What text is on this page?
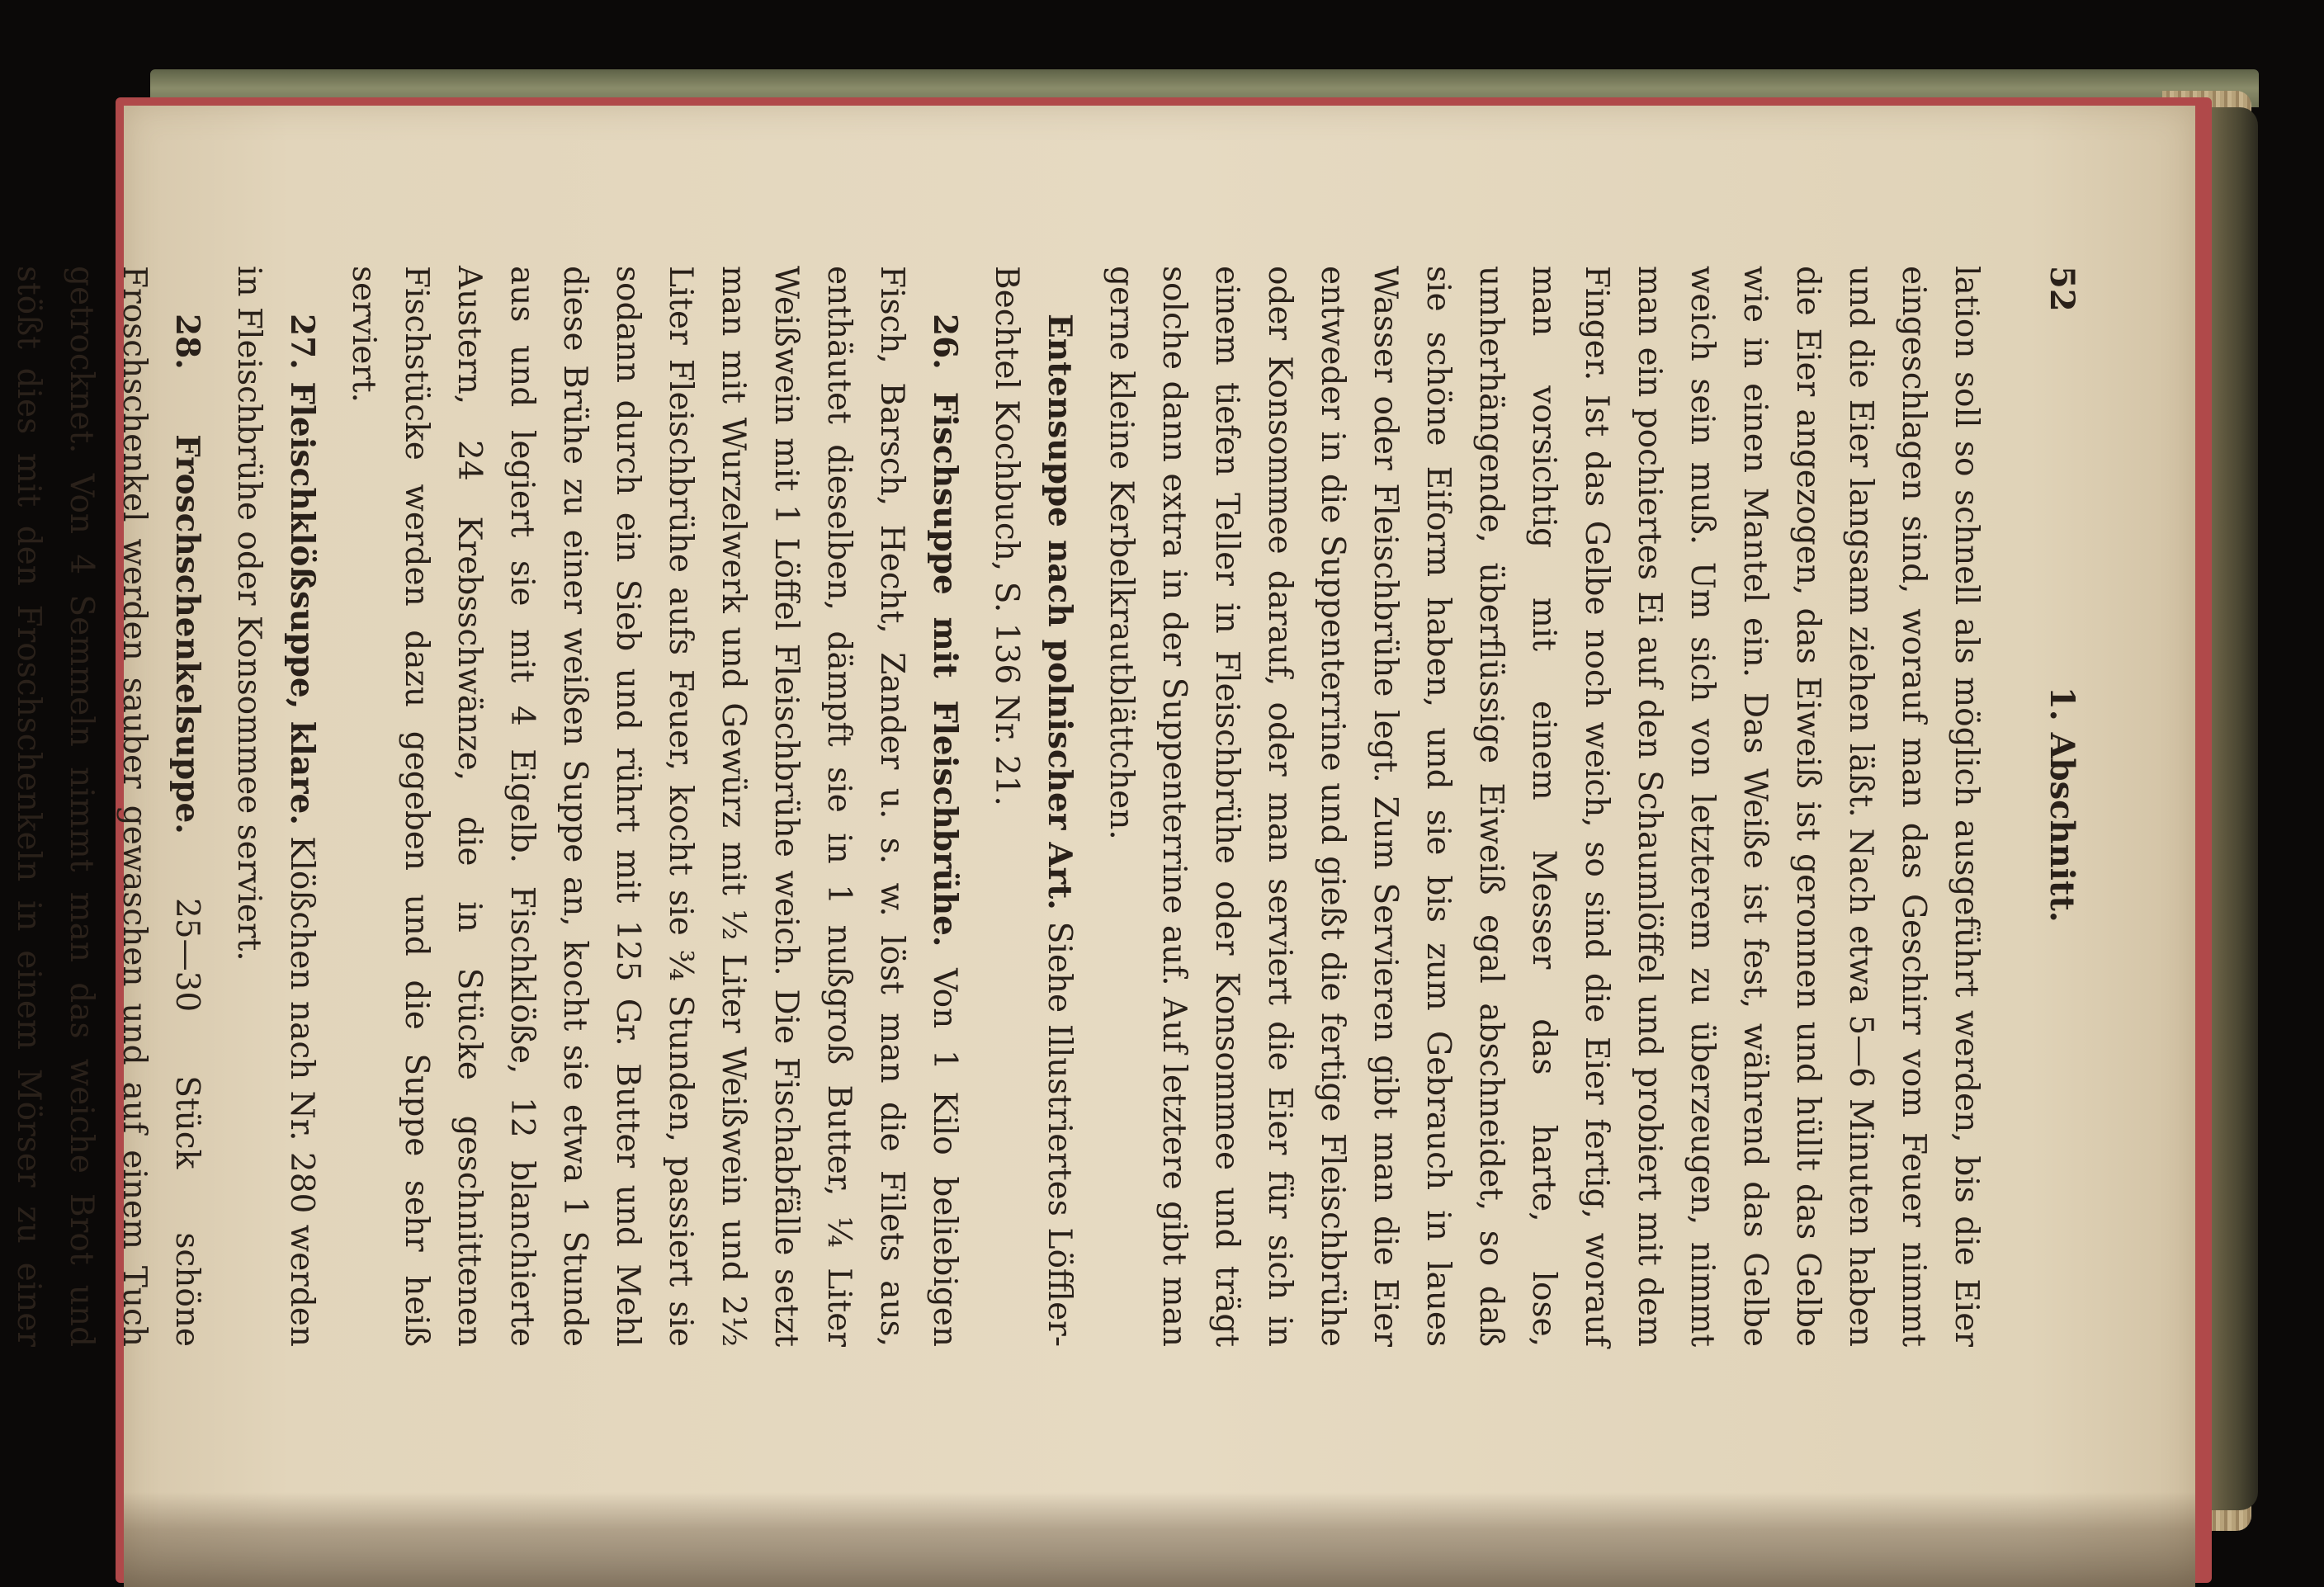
52
1. Abschnitt.

lation soll so schnell als möglich ausgeführt werden, bis die Eier eingeschlagen sind, worauf man das Geschirr vom Feuer nimmt und die Eier langsam ziehen läßt. Nach etwa 5—6 Minuten haben die Eier angezogen, das Eiweiß ist geronnen und hüllt das Gelbe wie in einen Mantel ein. Das Weiße ist fest, während das Gelbe weich sein muß. Um sich von letzterem zu überzeugen, nimmt man ein pochiertes Ei auf den Schaumlöffel und probiert mit dem Finger. Ist das Gelbe noch weich, so sind die Eier fertig, worauf man vorsichtig mit einem Messer das harte, lose, umherhängende, überflüssige Eiweiß egal abschneidet, so daß sie schöne Eiform haben, und sie bis zum Gebrauch in laues Wasser oder Fleischbrühe legt. Zum Servieren gibt man die Eier entweder in die Suppenterrine und gießt die fertige Fleischbrühe oder Konsommee darauf, oder man serviert die Eier für sich in einem tiefen Teller in Fleischbrühe oder Konsommee und trägt solche dann extra in der Suppenterrine auf. Auf letztere gibt man gerne kleine Kerbelkrautblättchen.

Entensuppe nach polnischer Art. Siehe Illustriertes Löffler-Bechtel Kochbuch, S. 136 Nr. 21.

26. Fischsuppe mit Fleischbrühe. Von 1 Kilo beliebigen Fisch, Barsch, Hecht, Zander u. s. w. löst man die Filets aus, enthäutet dieselben, dämpft sie in 1 nußgroß Butter, ¼ Liter Weißwein mit 1 Löffel Fleischbrühe weich. Die Fischabfälle setzt man mit Wurzelwerk und Gewürz mit ½ Liter Weißwein und 2½ Liter Fleischbrühe aufs Feuer, kocht sie ¾ Stunden, passiert sie sodann durch ein Sieb und rührt mit 125 Gr. Butter und Mehl diese Brühe zu einer weißen Suppe an, kocht sie etwa 1 Stunde aus und legiert sie mit 4 Eigelb. Fischklöße, 12 blanchierte Austern, 24 Krebsschwänze, die in Stücke geschnittenen Fischstücke werden dazu gegeben und die Suppe sehr heiß serviert.

27. Fleischklößsuppe, klare. Klößchen nach Nr. 280 werden in Fleischbrühe oder Konsommee serviert.

28. Froschschenkelsuppe. 25—30 Stück schöne Froschschenkel werden sauber gewaschen und auf einem Tuch getrocknet. Von 4 Semmeln nimmt man das weiche Brot und stößt dies mit den Froschschenkeln in einem Mörser zu einer
